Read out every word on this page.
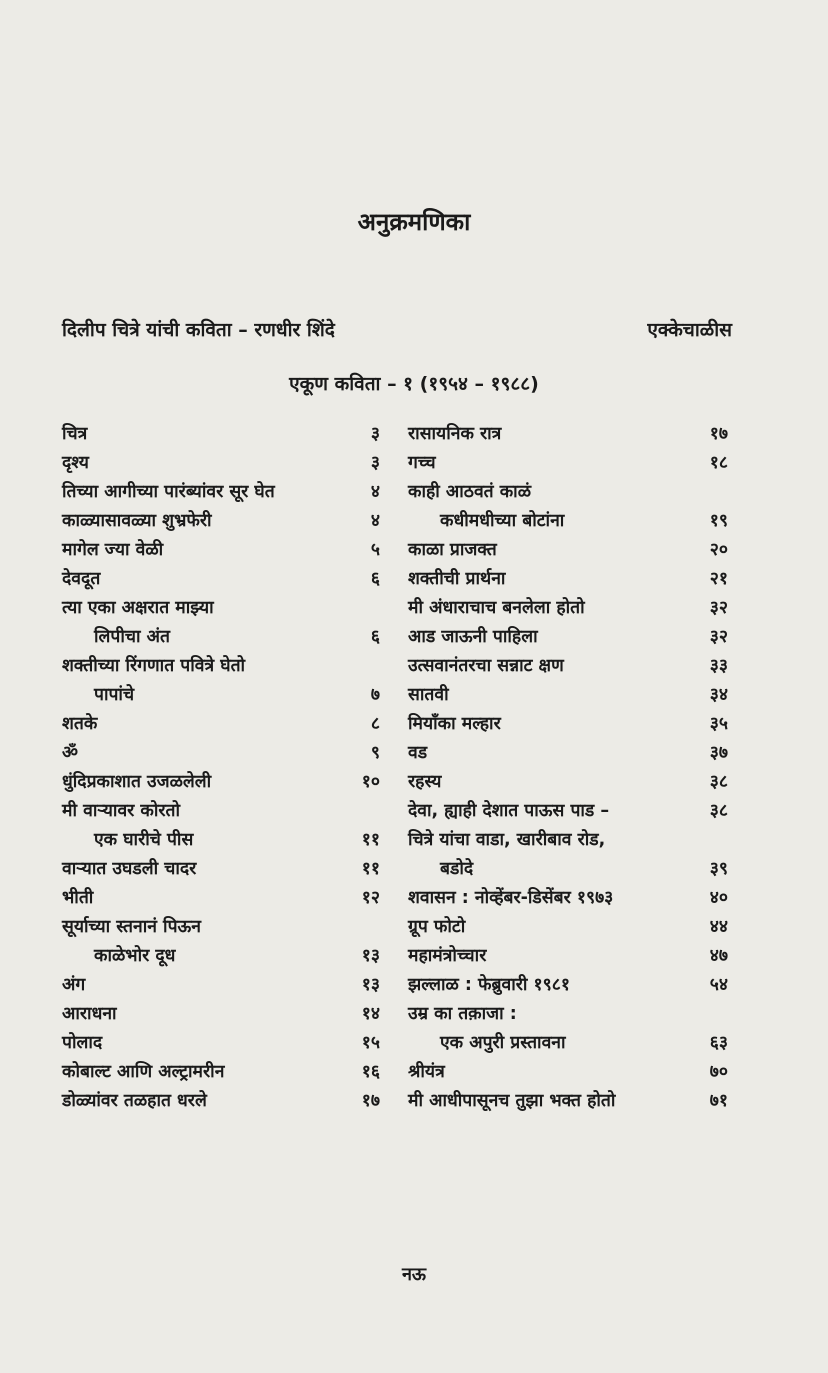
अनुक्रमणिका
दिलीप चित्रे यांची कविता – रणधीर शिंदे	एक्केचाळीस
एकूण कविता – १ (१९५४ – १९८८)
चित्र	३
दृश्य	३
तिच्या आगीच्या पारंब्यांवर सूर घेत	४
काळ्यासावळ्या शुभ्रफेरी	४
मागेल ज्या वेळी	५
देवदूत	६
त्या एका अक्षरात माझ्या
लिपीचा अंत	६
शक्तीच्या रिंगणात पवित्रे घेतो
पापांचे	७
शतके	८
ॐ	९
धुंदिप्रकाशात उजळलेली	१०
मी वाऱ्यावर कोरतो
एक घारीचे पीस	११
वाऱ्यात उघडली चादर	११
भीती	१२
सूर्याच्या स्तनानं पिऊन
काळेभोर दूध	१३
अंग	१३
आराधना	१४
पोलाद	१५
कोबाल्ट आणि अल्ट्रामरीन	१६
डोळ्यांवर तळहात धरले	१७
रासायनिक रात्र	१७
गच्च	१८
काही आठवतं काळं
कधीमधीच्या बोटांना	१९
काळा प्राजक्त	२०
शक्तीची प्रार्थना	२१
मी अंधाराचाच बनलेला होतो	३२
आड जाऊनी पाहिला	३२
उत्सवानंतरचा सन्नाट क्षण	३३
सातवी	३४
मियाँका मल्हार	३५
वड	३७
रहस्य	३८
देवा, ह्याही देशात पाऊस पाड –	३८
चित्रे यांचा वाडा, खारीबाव रोड,
बडोदे	३९
शवासन : नोव्हेंबर-डिसेंबर १९७३	४०
ग्रूप फोटो	४४
महामंत्रोच्चार	४७
झल्लाळ : फेब्रुवारी १९८१	५४
उम्र का तक़ाजा :
एक अपुरी प्रस्तावना	६३
श्रीयंत्र	७०
मी आधीपासूनच तुझा भक्त होतो	७१
नऊ
